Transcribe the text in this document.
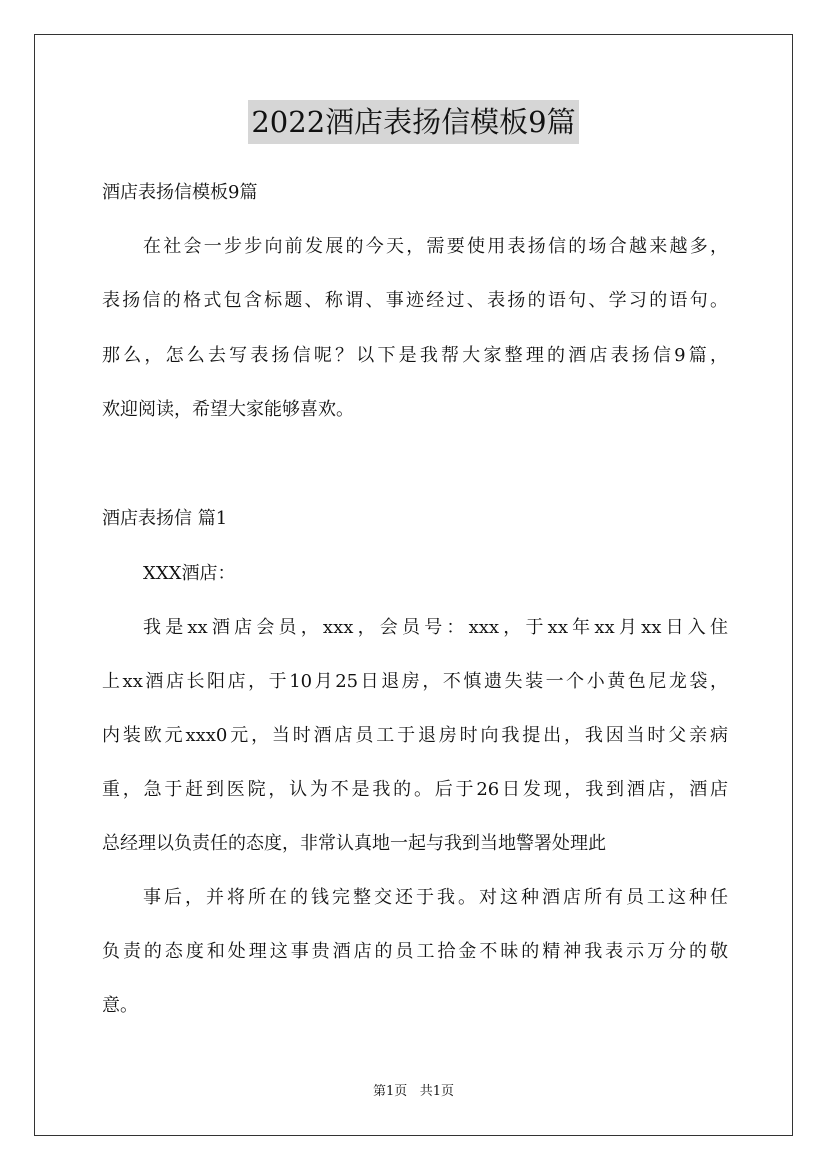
2022酒店表扬信模板9篇
酒店表扬信模板9篇
在社会一步步向前发展的今天，需要使用表扬信的场合越来越多，
表扬信的格式包含标题、称谓、事迹经过、表扬的语句、学习的语句。
那么，怎么去写表扬信呢？以下是我帮大家整理的酒店表扬信9篇，
欢迎阅读，希望大家能够喜欢。
酒店表扬信 篇1
XXX酒店：
我是xx酒店会员，xxx，会员号：xxx，于xx年xx月xx日入住
上xx酒店长阳店，于10月25日退房，不慎遗失装一个小黄色尼龙袋，
内装欧元xxx0元，当时酒店员工于退房时向我提出，我因当时父亲病
重，急于赶到医院，认为不是我的。后于26日发现，我到酒店，酒店
总经理以负责任的态度，非常认真地一起与我到当地警署处理此
事后，并将所在的钱完整交还于我。对这种酒店所有员工这种任
负责的态度和处理这事贵酒店的员工拾金不昧的精神我表示万分的敬
意。
第1页 共1页
